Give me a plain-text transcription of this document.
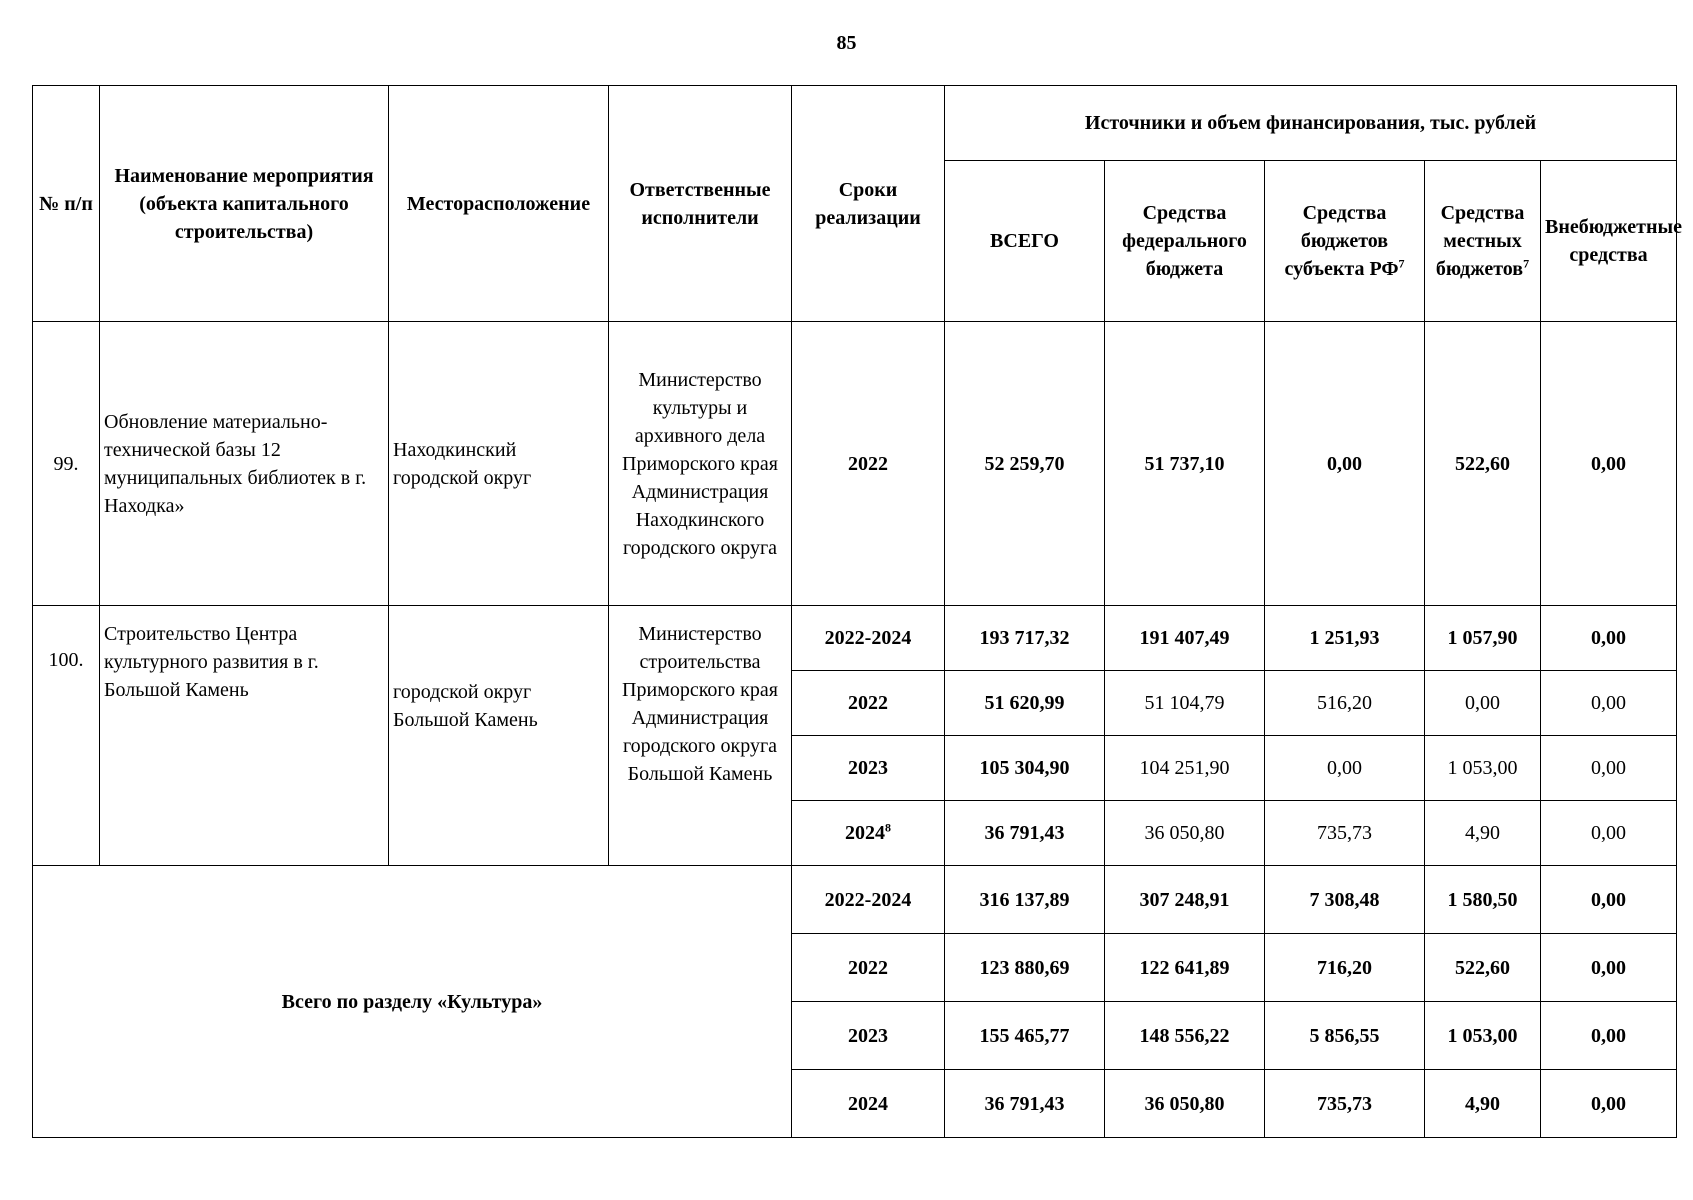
85
№ п/п	Наименование мероприятия (объекта капитального строительства)	Месторасположение	Ответственные исполнители	Сроки реализации	Источники и объем финансирования, тыс. рублей				
					ВСЕГО	Средства федерального бюджета	Средства бюджетов субъекта $РФ^7$	Средства местных бюджетов$^7$	Внебюджетные средства
99.	Обновление материально-технической базы 12 муниципальных библиотек в г. Находка»	Находкинский городской округ	Министерство культуры и архивного дела Приморского края Администрация Находкинского городского округа	2022	52 259,70	51 737,10	0,00	522,60	0,00
100.	Строительство Центра культурного развития в г. Большой Камень	городской округ Большой Камень	Министерство строительства Приморского края Администрация городского округа Большой Камень	2022-2024	193 717,32	191 407,49	1 251,93	1 057,90	0,00
				2022	51 620,99	51 104,79	516,20	0,00	0,00
				2023	105 304,90	104 251,90	0,00	1 053,00	0,00
				2024$^8$	36 791,43	36 050,80	735,73	4,90	0,00
Всего по разделу «Культура»				2022-2024	316 137,89	307 248,91	7 308,48	1 580,50	0,00
				2022	123 880,69	122 641,89	716,20	522,60	0,00
				2023	155 465,77	148 556,22	5 856,55	1 053,00	0,00
				2024	36 791,43	36 050,80	735,73	4,90	0,00
